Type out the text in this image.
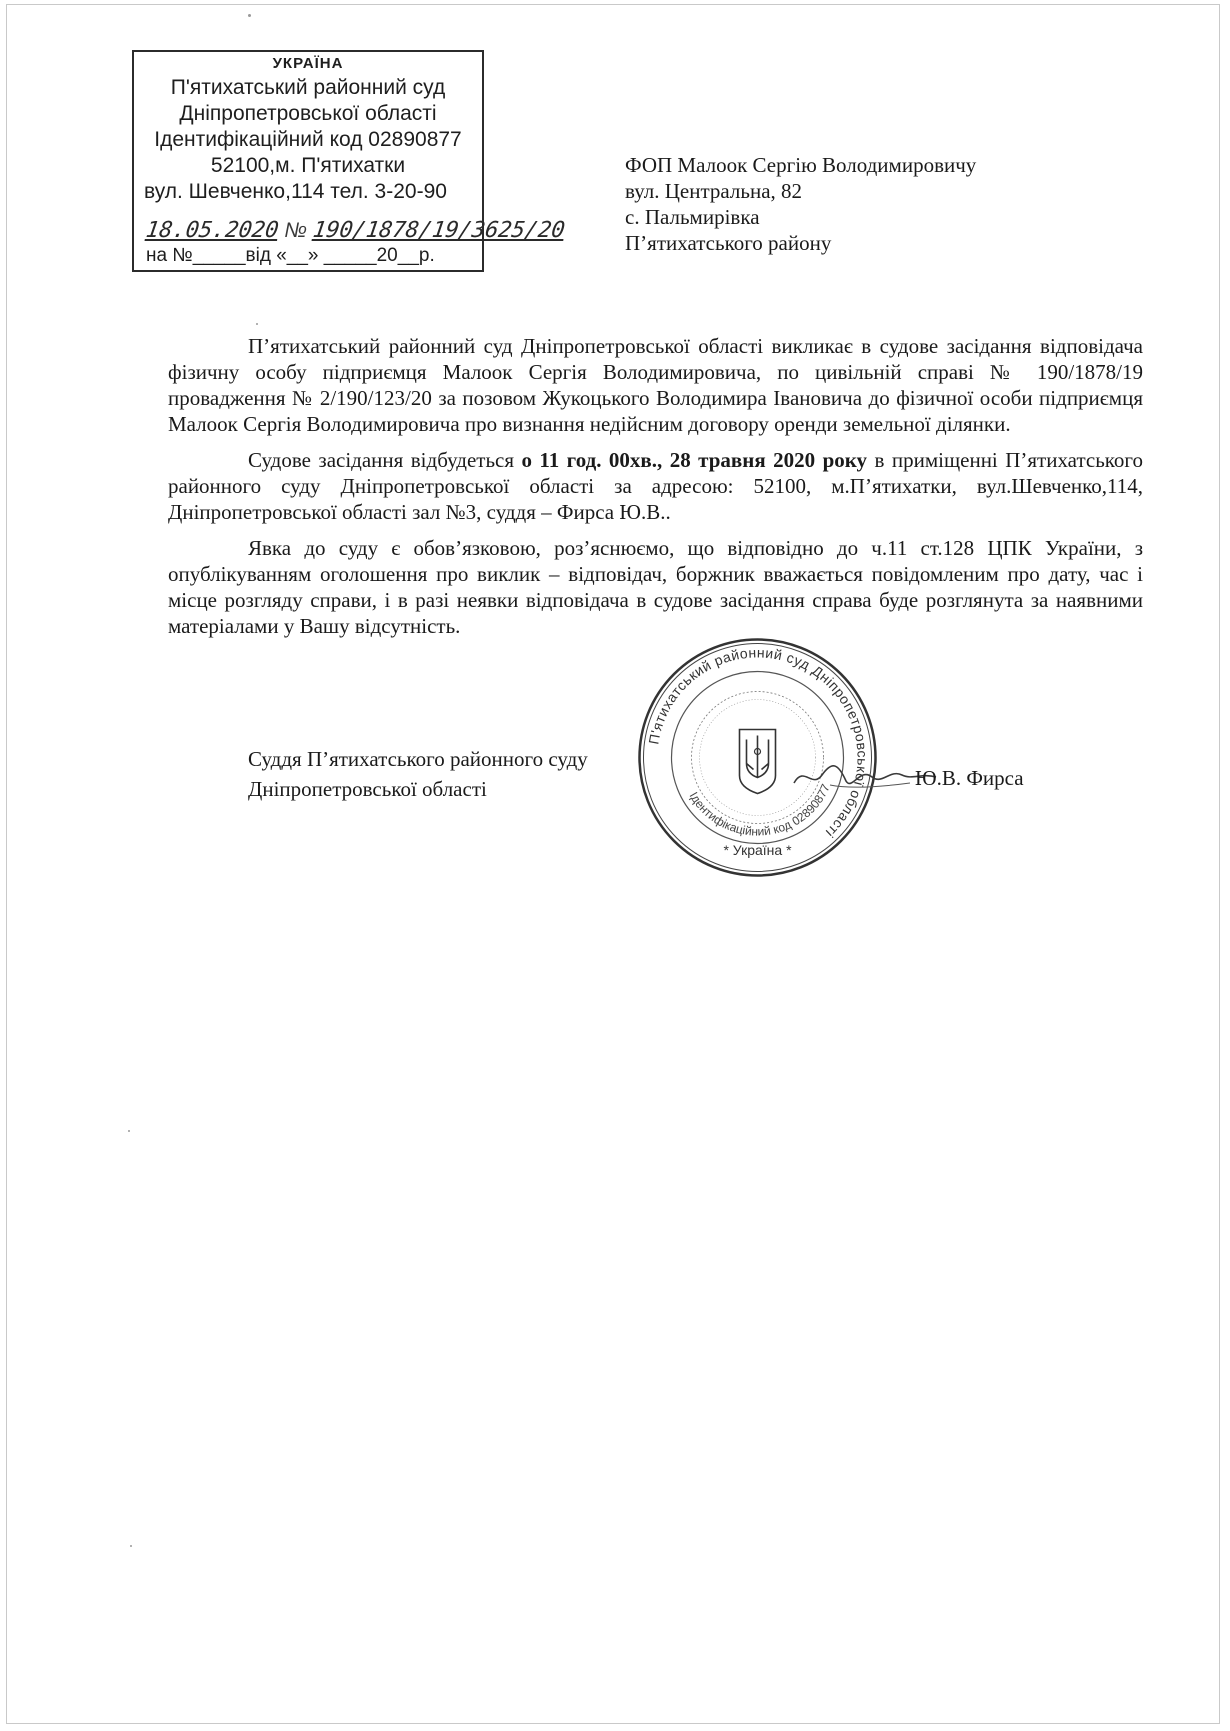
УКРАЇНА
П'ятихатський районний суд
Дніпропетровської області
Ідентифікаційний код 02890877
52100,м. П'ятихатки
вул. Шевченко,114 тел. 3-20-90
18.05.2020 № 190/1878/19/3625/20
на №_____від «__» _____20__р.
ФОП Малоок Сергію Володимировичу
вул. Центральна, 82
с. Пальмирівка
П’ятихатського району

П’ятихатський районний суд Дніпропетровської області викликає в судове засідання відповідача фізичну особу підприємця Малоок Сергія Володимировича, по цивільній справі № 190/1878/19 провадження № 2/190/123/20 за позовом Жукоцького Володимира Івановича до фізичної особи підприємця Малоок Сергія Володимировича про визнання недійсним договору оренди земельної ділянки.

Судове засідання відбудеться о 11 год. 00хв., 28 травня 2020 року в приміщенні П’ятихатського районного суду Дніпропетровської області за адресою: 52100, м.П’ятихатки, вул.Шевченко,114, Дніпропетровської області зал №3, суддя – Фирса Ю.В..

Явка до суду є обов’язковою, роз’яснюємо, що відповідно до ч.11 ст.128 ЦПК України, з опублікуванням оголошення про виклик – відповідач, боржник вважається повідомленим про дату, час і місце розгляду справи, і в разі неявки відповідача в судове засідання справа буде розглянута за наявними матеріалами у Вашу відсутність.

П'ятихатський районний суд Дніпропетровської області
Ідентифікаційний код 02890877
* Україна *
Суддя П’ятихатського районного суду
Дніпропетровської області	Ю.В. Фирса
